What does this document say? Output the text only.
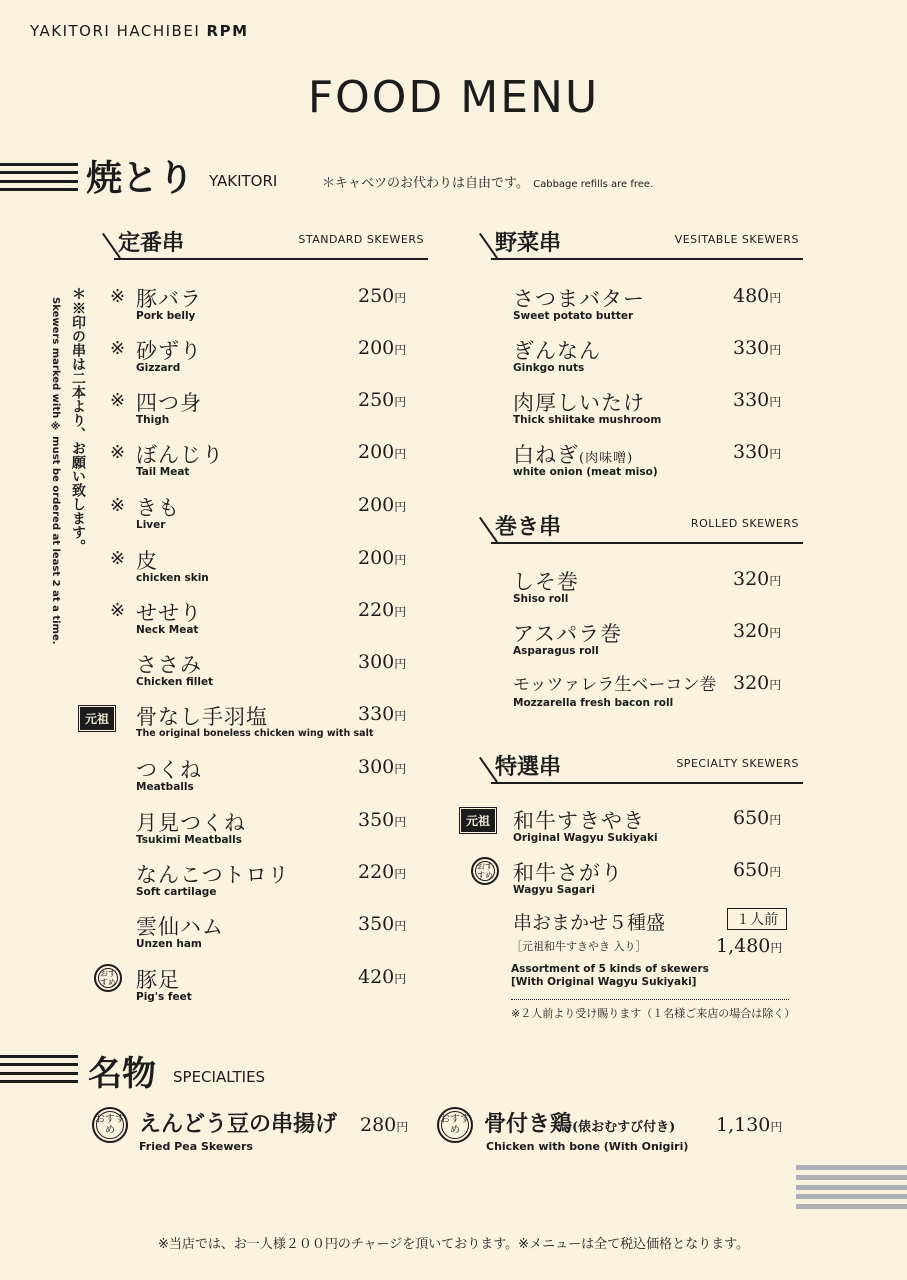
YAKITORI HACHIBEI RPM
FOOD MENU
焼とり YAKITORI	＊キャベツのお代わりは自由です。 Cabbage refills are free.
＊※印の串は二本より、お願い致します。
Skewers marked with ※ must be ordered at least 2 at a time.
定番串	STANDARD SKEWERS
※ 豚バラ
Pork belly
250円
※ 砂ずり
Gizzard
200円
※ 四つ身
Thigh
250円
※ ぼんじり
Tail Meat
200円
※ きも
Liver
200円
※ 皮
chicken skin
200円
※ せせり
Neck Meat
220円
ささみ
Chicken fillet
300円
骨なし手羽塩
The original boneless chicken wing with salt
330円
つくね
Meatballs
300円
月見つくね
Tsukimi Meatballs
350円
なんこつトロリ
Soft cartilage
220円
雲仙ハム
Unzen ham
350円
豚足
Pig's feet
420円
元祖
おすすめ
野菜串	VESITABLE SKEWERS
さつまバター
Sweet potato butter
480円
ぎんなん
Ginkgo nuts
330円
肉厚しいたけ
Thick shiitake mushroom
330円
白ねぎ(肉味噌)
white onion (meat miso)
330円
巻き串	ROLLED SKEWERS
しそ巻
Shiso roll
320円
アスパラ巻
Asparagus roll
320円
モッツァレラ生ベーコン巻
Mozzarella fresh bacon roll
320円
特選串	SPECIALTY SKEWERS
元祖 和牛すきやき
Original Wagyu Sukiyaki
650円
おすすめ 和牛さがり
Wagyu Sagari
650円
串おまかせ５種盛	１人前
［元祖和牛すきやき 入り］	1,480円
Assortment of 5 kinds of skewers
[With Original Wagyu Sukiyaki]
※２人前より受け賜ります（１名様ご来店の場合は除く）
名物 SPECIALTIES
おすすめ	えんどう豆の串揚げ 280円
Fried Pea Skewers
おすすめ	骨付き鶏(俵おむすび付き) 1,130円
Chicken with bone (With Onigiri)
※当店では、お一人様２００円のチャージを頂いております。※メニューは全て税込価格となります。
